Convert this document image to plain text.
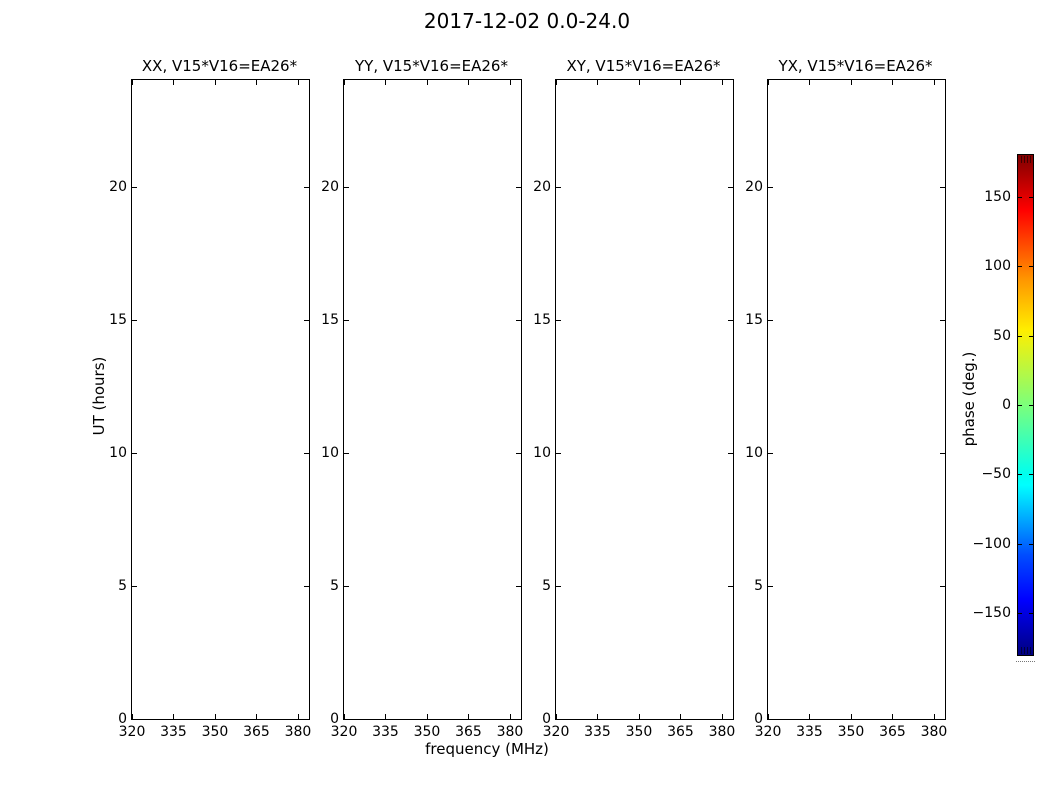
2017-12-02 0.0-24.0
frequency (MHz)
UT (hours)	phase (deg.)
XX, V15*V16=EA26*
320	335	350	365	380
0
5
10
15
20
YY, V15*V16=EA26*
320	335	350	365	380
0
5
10
15
20
XY, V15*V16=EA26*
320	335	350	365	380
0
5
10
15
20
YX, V15*V16=EA26*
320	335	350	365	380
0
5
10
15
20
150
100
50
0
−50
−100
−150
